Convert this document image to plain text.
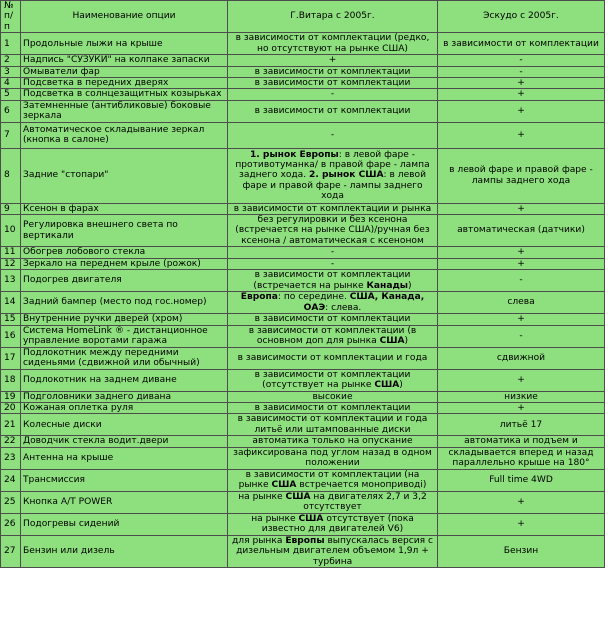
№ п/п	Наименование опции	Г.Витара с 2005г.	Эскудо с 2005г.
1	Продольные лыжи на крыше	в зависимости от комплектации (редко, но отсутствуют на рынке США)	в зависимости от комплектации
2	Надпись "СУЗУКИ" на колпаке запаски	+	-
3	Омыватели фар	в зависимости от комплектации	-
4	Подсветка в передних дверях	в зависимости от комплектации	+
5	Подсветка в солнцезащитных козырьках	-	+
6	Затемненные (антибликовые) боковые зеркала	в зависимости от комплектации	+
7	Автоматическое складывание зеркал (кнопка в салоне)	-	+
8	Задние "стопари"	1. рынок Европы: в левой фаре - противотуманка/ в правой фаре - лампа заднего хода. 2. рынок США: в левой фаре и правой фаре - лампы заднего хода	в левой фаре и правой фаре - лампы заднего хода
9	Ксенон в фарах	в зависимости от комплектации и рынка	+
10	Регулировка внешнего света по вертикали	без регулировки и без ксенона (встречается на рынке США)/ручная без ксенона / автоматическая с ксеноном	автоматическая (датчики)
11	Обогрев лобового стекла	-	+
12	Зеркало на переднем крыле (рожок)	-	+
13	Подогрев двигателя	в зависимости от комплектации (встречается на рынке Канады)	-
14	Задний бампер (место под гос.номер)	Европа: по середине. США, Канада, ОАЭ: слева.	слева
15	Внутренние ручки дверей (хром)	в зависимости от комплектации	+
16	Система HomeLink ® - дистанционное управление воротами гаража	в зависимости от комплектации (в основном доп для рынка США)	-
17	Подлокотник между передними сиденьями (сдвижной или обычный)	в зависимости от комплектации и года	сдвижной
18	Подлокотник на заднем диване	в зависимости от комплектации (отсутствует на рынке США)	+
19	Подголовники заднего дивана	высокие	низкие
20	Кожаная оплетка руля	в зависимости от комплектации	+
21	Колесные диски	в зависимости от комплектации и года литьё или штампованные диски	литьё 17
22	Доводчик стекла водит.двери	автоматика только на опускание	автоматика и подъем и
23	Антенна на крыше	зафиксирована под углом назад в одном положении	складывается вперед и назад параллельно крыше на 180°
24	Трансмиссия	в зависимости от комплектации (на рынке США встречается моноприводі)	Full time 4WD
25	Кнопка A/T POWER	на рынке США на двигателях 2,7 и 3,2 отсутствует	+
26	Подогревы сидений	на рынке США отсутствует (пока известно для двигателей V6)	+
27	Бензин или дизель	для рынка Европы выпускалась версия с дизельным двигателем объемом 1,9л + турбина	Бензин
